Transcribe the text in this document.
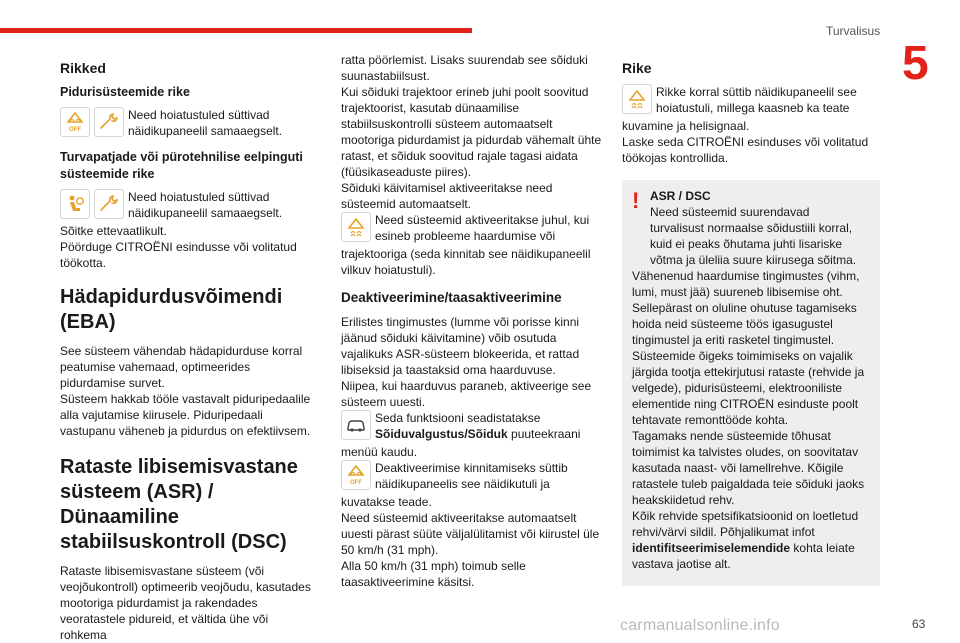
Turvalisus
5

Rikked

Pidurisüsteemide rike

OFF
Need hoiatustuled süttivad näidikupaneelil samaaegselt.

Turvapatjade või pürotehnilise eelpinguti süsteemide rike

Need hoiatustuled süttivad näidikupaneelil samaaegselt.

Sõitke ettevaatlikult.

Pöörduge CITROËNI esindusse või volitatud töökotta.

Hädapidurdusvõimendi (EBA)

See süsteem vähendab hädapidurduse korral peatumise vahemaad, optimeerides pidurdamise survet.

Süsteem hakkab tööle vastavalt piduripedaalile alla vajutamise kiirusele. Piduripedaali vastupanu väheneb ja pidurdus on efektiivsem.

Rataste libisemisvastane süsteem (ASR) / Dünaamiline stabiilsuskontroll (DSC)

Rataste libisemisvastane süsteem (või veojõukontroll) optimeerib veojõudu, kasutades mootoriga pidurdamist ja rakendades veoratastele pidureid, et vältida ühe või rohkema

ratta pöörlemist. Lisaks suurendab see sõiduki suunastabiilsust.

Kui sõiduki trajektoor erineb juhi poolt soovitud trajektoorist, kasutab dünaamilise stabiilsuskontrolli süsteem automaatselt mootoriga pidurdamist ja pidurdab vähemalt ühte ratast, et sõiduk soovitud rajale tagasi aidata (füüsikaseaduste piires).

Sõiduki käivitamisel aktiveeritakse need süsteemid automaatselt.

Need süsteemid aktiveeritakse juhul, kui esineb probleeme haardumise või

trajektooriga (seda kinnitab see näidikupaneelil vilkuv hoiatustuli).

Deaktiveerimine/taasaktiveerimine

Erilistes tingimustes (lumme või porisse kinni jäänud sõiduki käivitamine) võib osutuda vajalikuks ASR-süsteem blokeerida, et rattad libiseksid ja taastaksid oma haarduvuse.

Niipea, kui haarduvus paraneb, aktiveerige see süsteem uuesti.

Seda funktsiooni seadistatakse Sõiduvalgustus/Sõiduk puuteekraani

menüü kaudu.

OFF
Deaktiveerimise kinnitamiseks süttib näidikupaneelis see näidikutuli ja

kuvatakse teade.

Need süsteemid aktiveeritakse automaatselt uuesti pärast süüte väljalülitamist või kiirustel üle 50 km/h (31 mph).

Alla 50 km/h (31 mph) toimub selle taasaktiveerimine käsitsi.

Rike

Rikke korral süttib näidikupaneelil see hoiatustuli, millega kaasneb ka teate

kuvamine ja helisignaal.

Laske seda CITROËNI esinduses või volitatud töökojas kontrollida.

! ASR / DSC

Need süsteemid suurendavad turvalisust normaalse sõidustiili korral, kuid ei peaks õhutama juhti lisariske võtma ja üleliia suure kiirusega sõitma.

Vähenenud haardumise tingimustes (vihm, lumi, must jää) suureneb libisemise oht.

Sellepärast on oluline ohutuse tagamiseks hoida neid süsteeme töös igasugustel tingimustel ja eriti rasketel tingimustel.

Süsteemide õigeks toimimiseks on vajalik järgida tootja ettekirjutusi rataste (rehvide ja velgede), pidurisüsteemi, elektrooniliste elementide ning CITROËN esinduste poolt tehtavate remonttööde kohta.

Tagamaks nende süsteemide tõhusat toimimist ka talvistes oludes, on soovitatav kasutada naast- või lamellrehve. Kõigile ratastele tuleb paigaldada teie sõiduki jaoks heakskiidetud rehv.

Kõik rehvide spetsifikatsioonid on loetletud rehvi/värvi sildil. Põhjalikumat infot identifitseerimiselemendide kohta leiate vastava jaotise alt.

carmanualsonline.info	63
